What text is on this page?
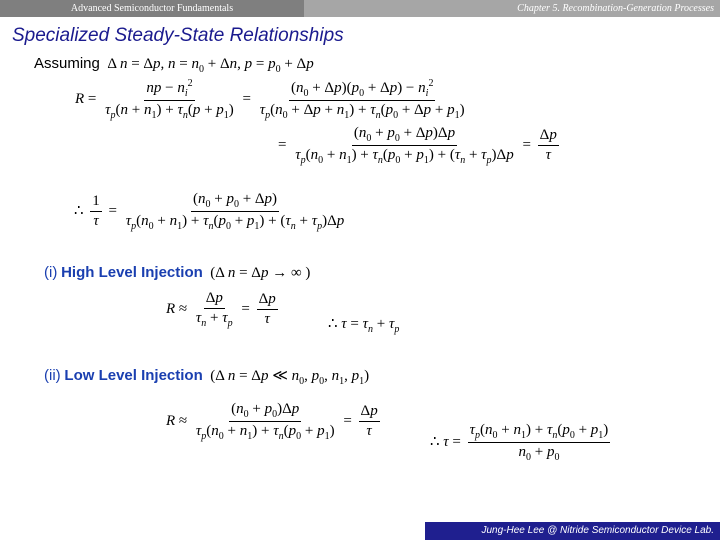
Advanced Semiconductor Fundamentals	Chapter 5. Recombination-Generation Processes
Specialized Steady-State Relationships
Assuming  Δ n = Δp, $n = n_0 + \Delta n$, $p = p_0 + \Delta p$
$R = \frac{np - n_i^2}{\tau_p(n + n_1) + \tau_n(p + p_1)} = \frac{(n_0 + \Delta p)(p_0 + \Delta p) - n_i^2}{\tau_p(n_0 + \Delta p + n_1) + \tau_n(p_0 + \Delta p + p_1)}$
= $\frac{(n_0 + p_0 + \Delta p)\Delta p}{\tau_p(n_0 + n_1) + \tau_n(p_0 + p_1) + (\tau_n + \tau_p)\Delta p} = \frac{\Delta p}{\tau}$
∴ $\frac{1}{\tau} = \frac{(n_0 + p_0 + \Delta p)}{\tau_p(n_0 + n_1) + \tau_n(p_0 + p_1) + (\tau_n + \tau_p)\Delta p}$
(i) High Level Injection  (Δ n = Δp → ∞ )
$R \approx \frac{\Delta p}{\tau_n + \tau_p} = \frac{\Delta p}{\tau}$	∴ $\tau = \tau_n + \tau_p$
(ii) Low Level Injection  (Δ n = Δp ≪ $n_0$, $p_0$, $n_1$, $p_1$)
$R \approx \frac{(n_0 + p_0)\Delta p}{\tau_p(n_0 + n_1) + \tau_n(p_0 + p_1)} = \frac{\Delta p}{\tau}$
∴ $\tau = \frac{\tau_p(n_0 + n_1) + \tau_n(p_0 + p_1)}{n_0 + p_0}$
Jung-Hee Lee @ Nitride Semiconductor Device Lab.
